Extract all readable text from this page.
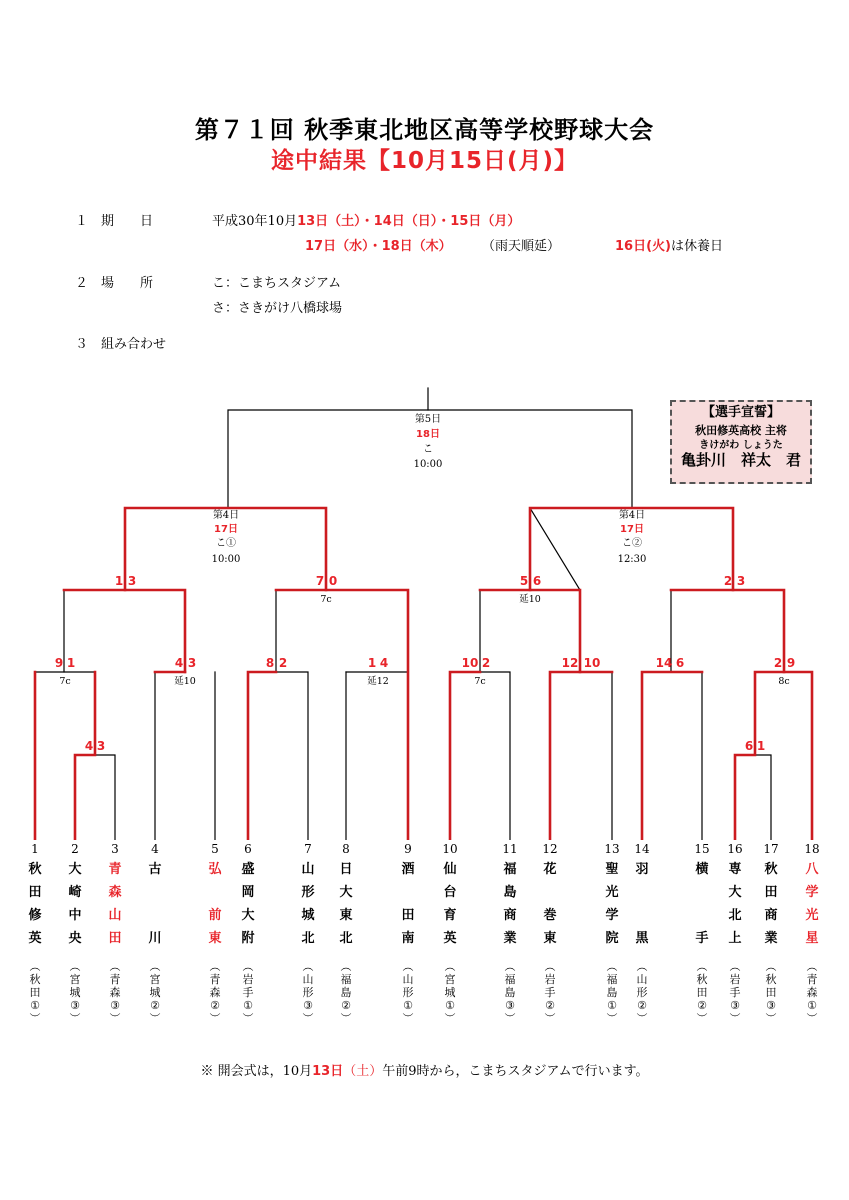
第７１回 秋季東北地区高等学校野球大会
途中結果【10月15日(月)】
１　期　　日	平成30年10月13日（土）・14日（日）・15日（月）
17日（水）・18日（木） （雨天順延）	16日(火)は休養日
２　場　　所	こ：こまちスタジアム
さ：さきがけ八橋球場
３　組み合わせ
【選手宣誓】
秋田修英高校 主将
きけがわ しょうた
亀卦川　祥太　君
第5日
18日
こ
10:00
第4日
17日
こ①
10:00
第4日
17日
こ②
12:30
1 3	7 0	5 6	2 3
9 1	4 3	8 2	1 4	10 2	12 10	14 6	2 9
4 3	6 1
7c	延10	延12	7c	8c
7c	延10
1
秋
田
修
英
︵
秋
田
①
︶
2
大
崎
中
央
︵
宮
城
③
︶
3
青
森
山
田
︵
青
森
③
︶
4
古
川
︵
宮
城
②
︶
5
弘
前
東
︵
青
森
②
︶
6
盛
岡
大
附
︵
岩
手
①
︶
7
山
形
城
北
︵
山
形
③
︶
8
日
大
東
北
︵
福
島
②
︶
9
酒
田
南
︵
山
形
①
︶
10
仙
台
育
英
︵
宮
城
①
︶
11
福
島
商
業
︵
福
島
③
︶
12
花
巻
東
︵
岩
手
②
︶
13
聖
光
学
院
︵
福
島
①
︶
14
羽
黒
︵
山
形
②
︶
15
横
手
︵
秋
田
②
︶
16
専
大
北
上
︵
岩
手
③
︶
17
秋
田
商
業
︵
秋
田
③
︶
18
八
学
光
星
︵
青
森
①
︶
※ 開会式は，10月13日（土）午前9時から，こまちスタジアムで行います。
